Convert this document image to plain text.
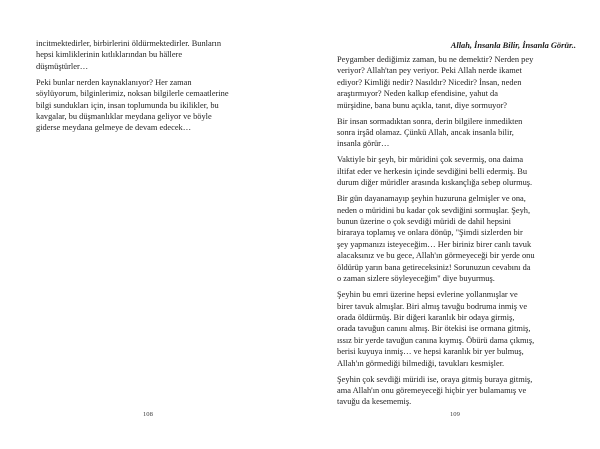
incitmektedirler, birbirlerini öldürmektedirler. Bunların
hepsi kimliklerinin kıtlıklarından bu hällere
düşmüştürler…

Peki bunlar nerden kaynaklanıyor? Her zaman
söylüyorum, bilginlerimiz, noksan bilgilerle cemaatlerine
bilgi sundukları için, insan toplumunda bu ikilikler, bu
kavgalar, bu düşmanlıklar meydana geliyor ve böyle
giderse meydana gelmeye de devam edecek…

108
Allah, İnsanla Bilir, İnsanla Görür..

Peygamber dediğimiz zaman, bu ne demektir? Nerden pey
veriyor? Allah'tan pey veriyor. Peki Allah nerde ikamet
ediyor? Kimliği nedir? Nasıldır? Nicedir? İnsan, neden
araştırmıyor? Neden kalkıp efendisine, yahut da
mürşidine, bana bunu açıkla, tanıt, diye sormuyor?

Bir insan sormadıktan sonra, derin bilgilere inmedikten
sonra irşâd olamaz. Çünkü Allah, ancak insanla bilir,
insanla görür…

Vaktiyle bir şeyh, bir müridini çok severmiş, ona daima
iltifat eder ve herkesin içinde sevdiğini belli edermiş. Bu
durum diğer müridler arasında kıskançlığa sebep olurmuş.

Bir gün dayanamayıp şeyhin huzuruna gelmişler ve ona,
neden o müridini bu kadar çok sevdiğini sormuşlar. Şeyh,
bunun üzerine o çok sevdiği müridi de dahil hepsini
biraraya toplamış ve onlara dönüp, "Şimdi sizlerden bir
şey yapmanızı isteyeceğim… Her biriniz birer canlı tavuk
alacaksınız ve bu gece, Allah'ın görmeyeceği bir yerde onu
öldürüp yarın bana getireceksiniz! Sorunuzun cevabını da
o zaman sizlere söyleyeceğim" diye buyurmuş.

Şeyhin bu emri üzerine hepsi evlerine yollanmışlar ve
birer tavuk almışlar. Biri almış tavuğu bodruma inmiş ve
orada öldürmüş. Bir diğeri karanlık bir odaya girmiş,
orada tavuğun canını almış. Bir ötekisi ise ormana gitmiş,
ıssız bir yerde tavuğun canına kıymış. Öbürü dama çıkmış,
berisi kuyuya inmiş… ve hepsi karanlık bir yer bulmuş,
Allah'ın görmediği bilmediği, tavukları kesmişler.

Şeyhin çok sevdiği müridi ise, oraya gitmiş buraya gitmiş,
ama Allah'ın onu göremeyeceği hiçbir yer bulamamış ve
tavuğu da kesememiş.

109
